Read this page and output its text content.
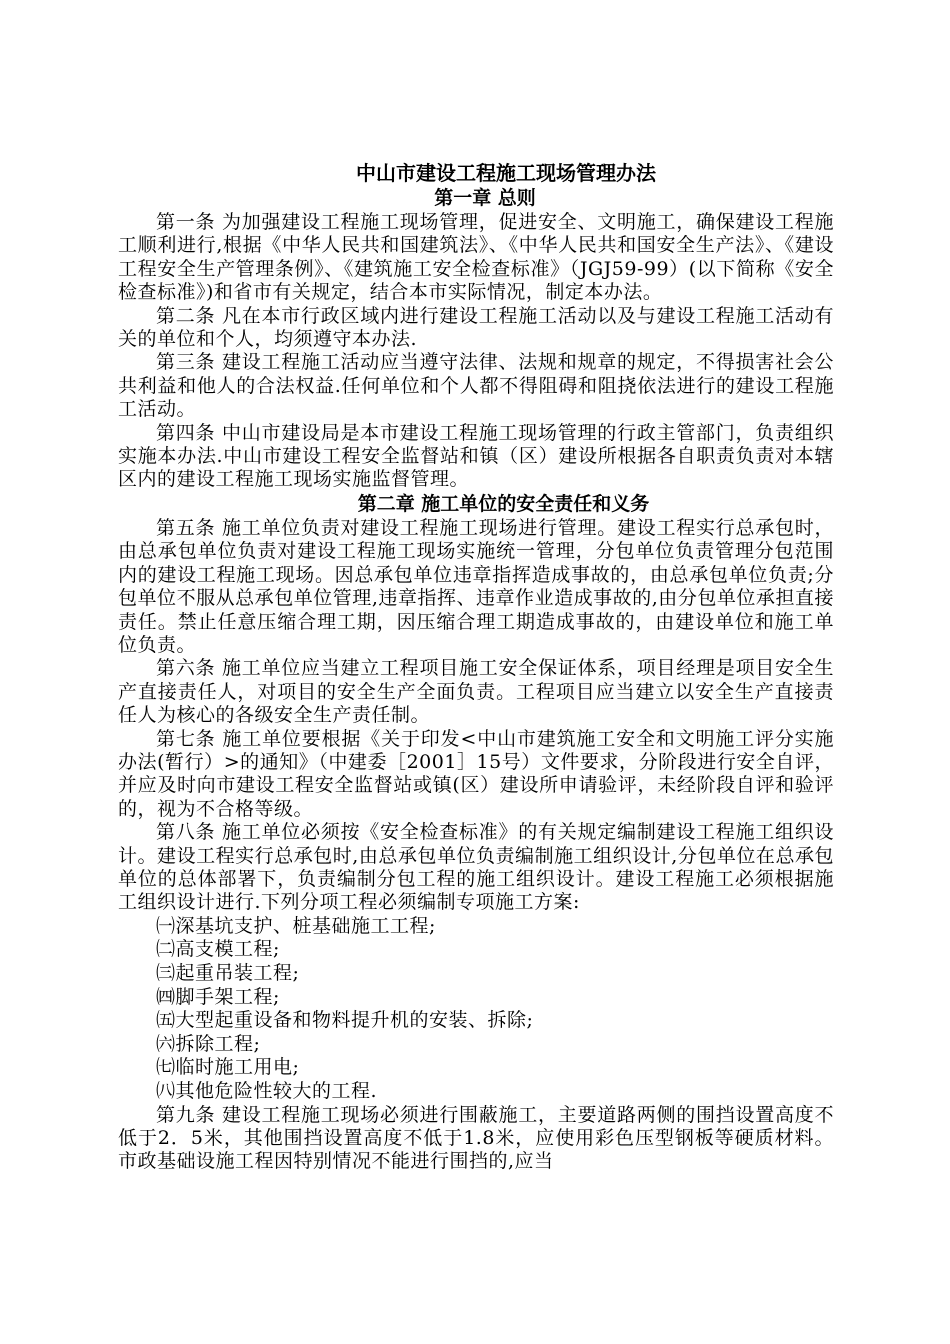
中山市建设工程施工现场管理办法

第一章 总则

第一条 为加强建设工程施工现场管理，促进安全、文明施工，确保建设工程施工顺利进行,根据《中华人民共和国建筑法》、《中华人民共和国安全生产法》、《建设工程安全生产管理条例》、《建筑施工安全检查标准》（JGJ59-99）(以下简称《安全检查标准》)和省市有关规定，结合本市实际情况，制定本办法。

第二条 凡在本市行政区域内进行建设工程施工活动以及与建设工程施工活动有关的单位和个人，均须遵守本办法.

第三条 建设工程施工活动应当遵守法律、法规和规章的规定，不得损害社会公共利益和他人的合法权益.任何单位和个人都不得阻碍和阻挠依法进行的建设工程施工活动。

第四条 中山市建设局是本市建设工程施工现场管理的行政主管部门，负责组织实施本办法.中山市建设工程安全监督站和镇（区）建设所根据各自职责负责对本辖区内的建设工程施工现场实施监督管理。

第二章 施工单位的安全责任和义务

第五条 施工单位负责对建设工程施工现场进行管理。建设工程实行总承包时，由总承包单位负责对建设工程施工现场实施统一管理，分包单位负责管理分包范围内的建设工程施工现场。因总承包单位违章指挥造成事故的，由总承包单位负责;分包单位不服从总承包单位管理,违章指挥、违章作业造成事故的,由分包单位承担直接责任。禁止任意压缩合理工期，因压缩合理工期造成事故的，由建设单位和施工单位负责。

第六条 施工单位应当建立工程项目施工安全保证体系，项目经理是项目安全生产直接责任人，对项目的安全生产全面负责。工程项目应当建立以安全生产直接责任人为核心的各级安全生产责任制。

第七条 施工单位要根据《关于印发<中山市建筑施工安全和文明施工评分实施办法(暂行）>的通知》（中建委［2001］15号）文件要求，分阶段进行安全自评，并应及时向市建设工程安全监督站或镇(区）建设所申请验评，未经阶段自评和验评的，视为不合格等级。

第八条 施工单位必须按《安全检查标准》的有关规定编制建设工程施工组织设计。建设工程实行总承包时,由总承包单位负责编制施工组织设计,分包单位在总承包单位的总体部署下，负责编制分包工程的施工组织设计。建设工程施工必须根据施工组织设计进行.下列分项工程必须编制专项施工方案:

㈠深基坑支护、桩基础施工工程;

㈡高支模工程;

㈢起重吊装工程;

㈣脚手架工程;

㈤大型起重设备和物料提升机的安装、拆除;

㈥拆除工程;

㈦临时施工用电;

㈧其他危险性较大的工程.

第九条 建设工程施工现场必须进行围蔽施工，主要道路两侧的围挡设置高度不低于2．5米，其他围挡设置高度不低于1.8米，应使用彩色压型钢板等硬质材料。市政基础设施工程因特别情况不能进行围挡的,应当
